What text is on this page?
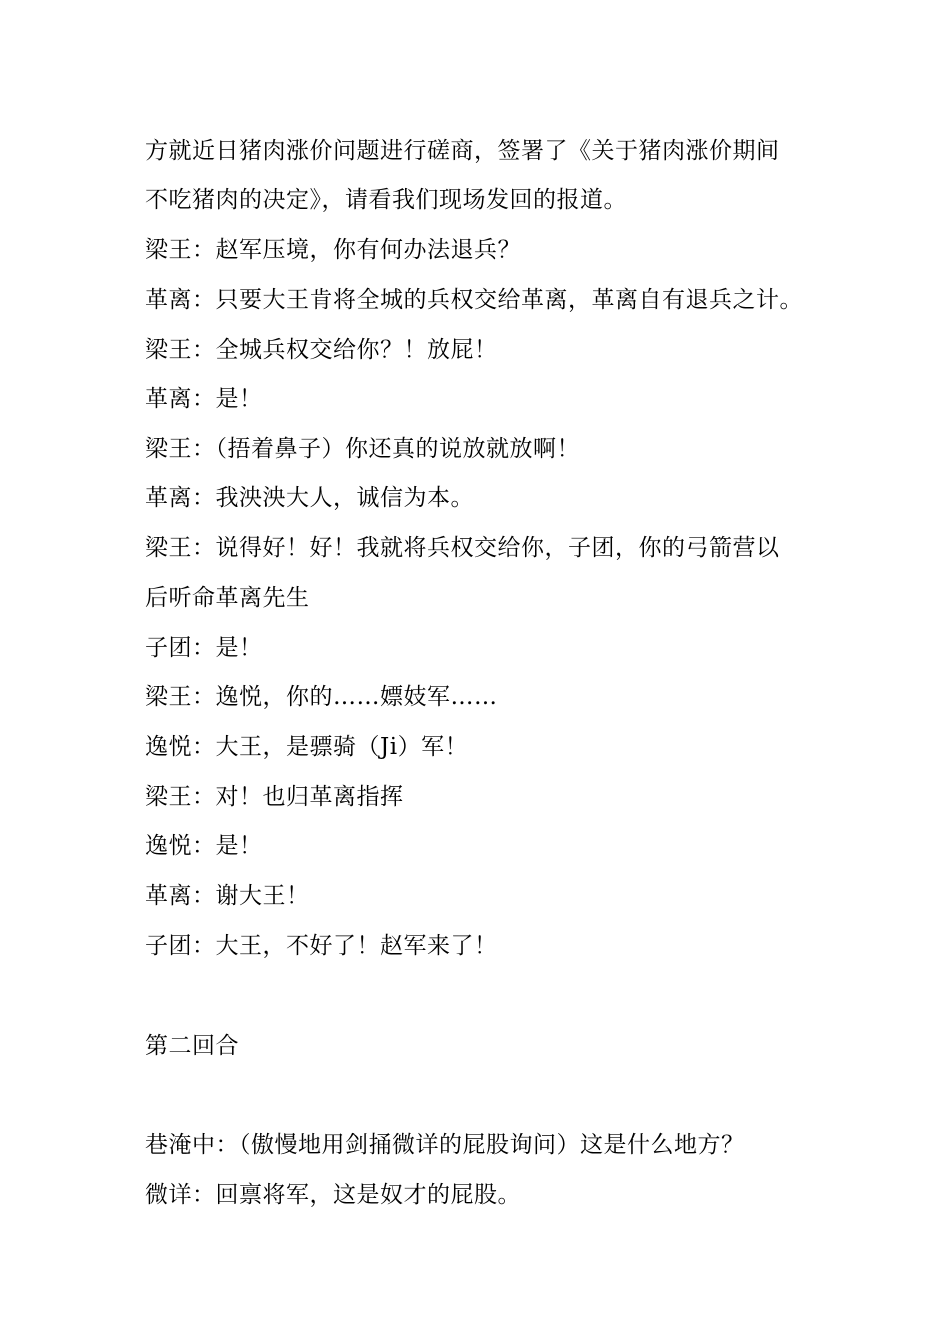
方就近日猪肉涨价问题进行磋商，签署了《关于猪肉涨价期间
不吃猪肉的决定》，请看我们现场发回的报道。
梁王：赵军压境，你有何办法退兵？
革离：只要大王肯将全城的兵权交给革离，革离自有退兵之计。
梁王：全城兵权交给你？！放屁！
革离：是！
梁王：（捂着鼻子）你还真的说放就放啊！
革离：我泱泱大人，诚信为本。
梁王：说得好！好！我就将兵权交给你，子团，你的弓箭营以
后听命革离先生
子团：是！
梁王：逸悦，你的……嫖妓军……
逸悦：大王，是骠骑（Ji）军！
梁王：对！也归革离指挥
逸悦：是！
革离：谢大王！
子团：大王，不好了！赵军来了！
第二回合
巷淹中：（傲慢地用剑捅微详的屁股询问）这是什么地方？
微详：回禀将军，这是奴才的屁股。
